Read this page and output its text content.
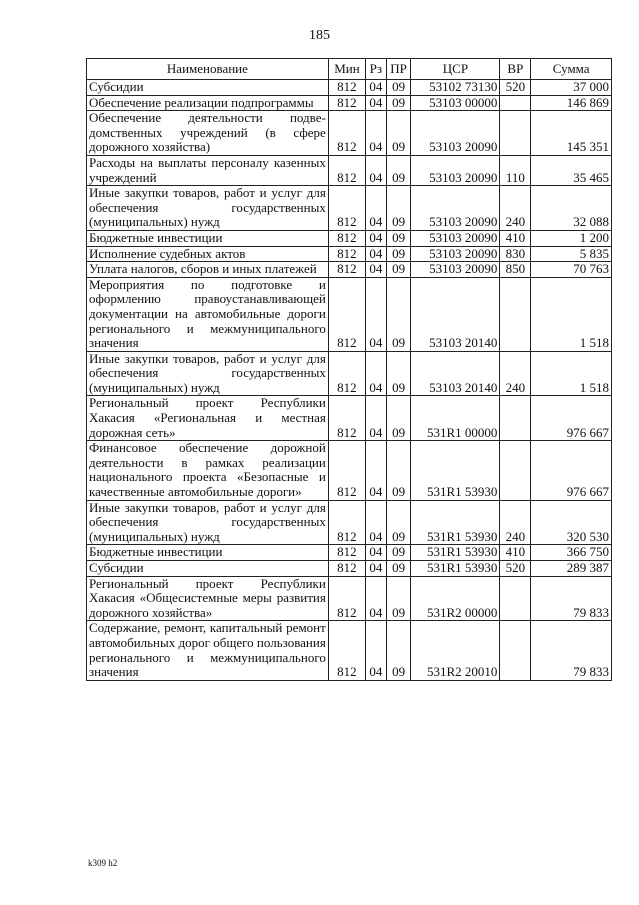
185
Наименование	Мин	Рз	ПР	ЦСР	ВР	Сумма
Субсидии	812	04	09	53102 73130	520	37 000
Обеспечение реализации подпрограммы	812	04	09	53103 00000		146 869
Обеспечение деятельности подведомственных учреждений (в сфере дорожного хозяйства)	812	04	09	53103 20090		145 351
Расходы на выплаты персоналу казенных учреждений	812	04	09	53103 20090	110	35 465
Иные закупки товаров, работ и услуг для обеспечения государственных (муниципальных) нужд	812	04	09	53103 20090	240	32 088
Бюджетные инвестиции	812	04	09	53103 20090	410	1 200
Исполнение судебных актов	812	04	09	53103 20090	830	5 835
Уплата налогов, сборов и иных платежей	812	04	09	53103 20090	850	70 763
Мероприятия по подготовке и оформлению правоустанавливающей документации на автомобильные дороги регионального и межмуниципального значения	812	04	09	53103 20140		1 518
Иные закупки товаров, работ и услуг для обеспечения государственных (муниципальных) нужд	812	04	09	53103 20140	240	1 518
Региональный проект Республики Хакасия «Региональная и местная дорожная сеть»	812	04	09	531R1 00000		976 667
Финансовое обеспечение дорожной деятельности в рамках реализации национального проекта «Безопасные и качественные автомобильные дороги»	812	04	09	531R1 53930		976 667
Иные закупки товаров, работ и услуг для обеспечения государственных (муниципальных) нужд	812	04	09	531R1 53930	240	320 530
Бюджетные инвестиции	812	04	09	531R1 53930	410	366 750
Субсидии	812	04	09	531R1 53930	520	289 387
Региональный проект Республики Хакасия «Общесистемные меры развития дорожного хозяйства»	812	04	09	531R2 00000		79 833
Содержание, ремонт, капитальный ремонт автомобильных дорог общего пользования регионального и межмуниципального значения	812	04	09	531R2 20010		79 833
k309 h2
